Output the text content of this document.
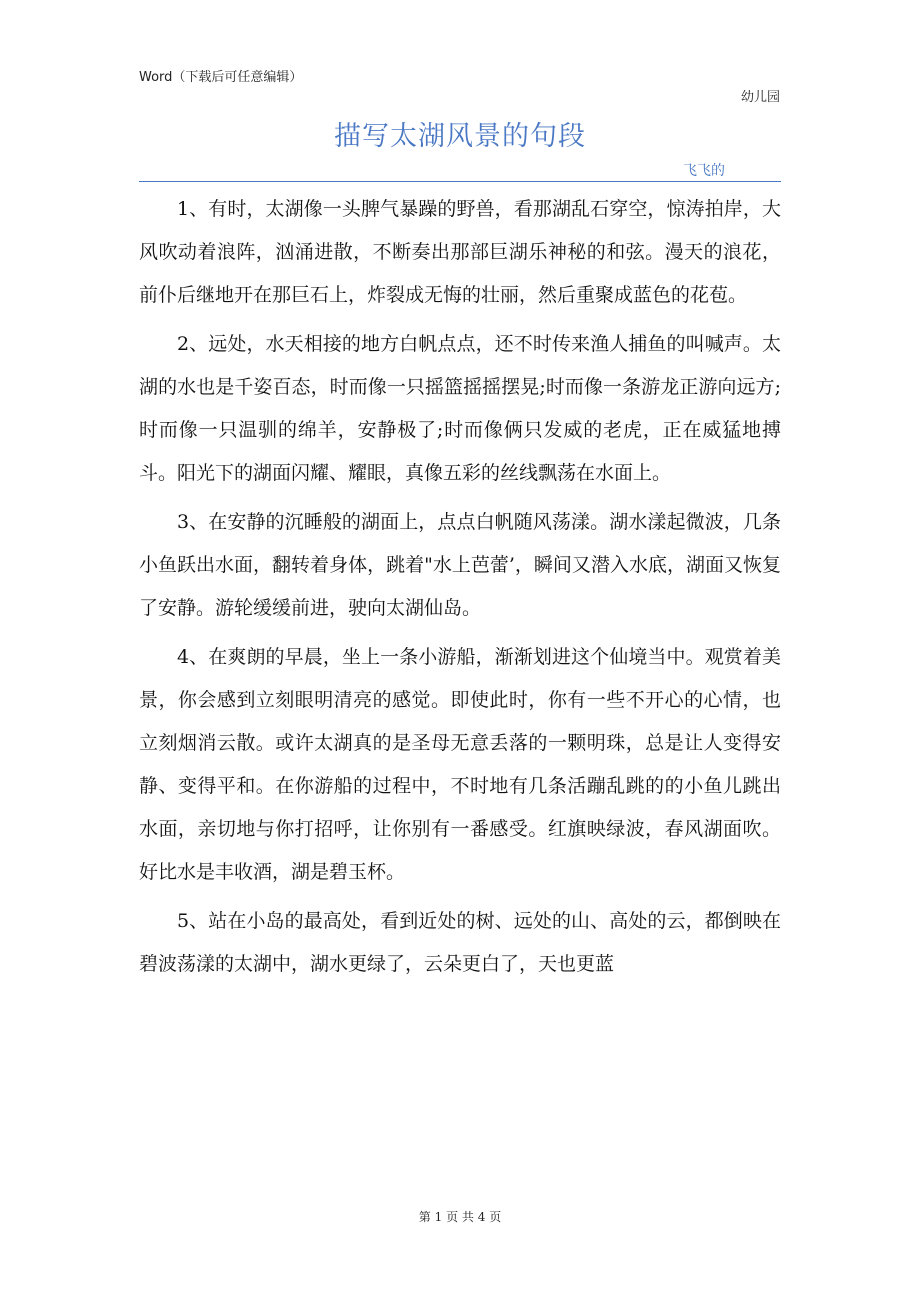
Word（下载后可任意编辑）
幼儿园
描写太湖风景的句段
飞飞的

1、有时，太湖像一头脾气暴躁的野兽，看那湖乱石穿空，惊涛拍岸，大风吹动着浪阵，汹涌进散，不断奏出那部巨湖乐神秘的和弦。漫天的浪花，前仆后继地开在那巨石上，炸裂成无悔的壮丽，然后重聚成蓝色的花苞。

2、远处，水天相接的地方白帆点点，还不时传来渔人捕鱼的叫喊声。太湖的水也是千姿百态，时而像一只摇篮摇摇摆晃;时而像一条游龙正游向远方;时而像一只温驯的绵羊，安静极了;时而像俩只发威的老虎，正在威猛地搏斗。阳光下的湖面闪耀、耀眼，真像五彩的丝线飘荡在水面上。

3、在安静的沉睡般的湖面上，点点白帆随风荡漾。湖水漾起微波，几条小鱼跃出水面，翻转着身体，跳着"水上芭蕾’，瞬间又潜入水底，湖面又恢复了安静。游轮缓缓前进，驶向太湖仙岛。

4、在爽朗的早晨，坐上一条小游船，渐渐划进这个仙境当中。观赏着美景，你会感到立刻眼明清亮的感觉。即使此时，你有一些不开心的心情，也立刻烟消云散。或许太湖真的是圣母无意丢落的一颗明珠，总是让人变得安静、变得平和。在你游船的过程中，不时地有几条活蹦乱跳的的小鱼儿跳出水面，亲切地与你打招呼，让你别有一番感受。红旗映绿波，春风湖面吹。好比水是丰收酒，湖是碧玉杯。

5、站在小岛的最高处，看到近处的树、远处的山、高处的云，都倒映在碧波荡漾的太湖中，湖水更绿了，云朵更白了，天也更蓝

第 1 页 共 4 页
